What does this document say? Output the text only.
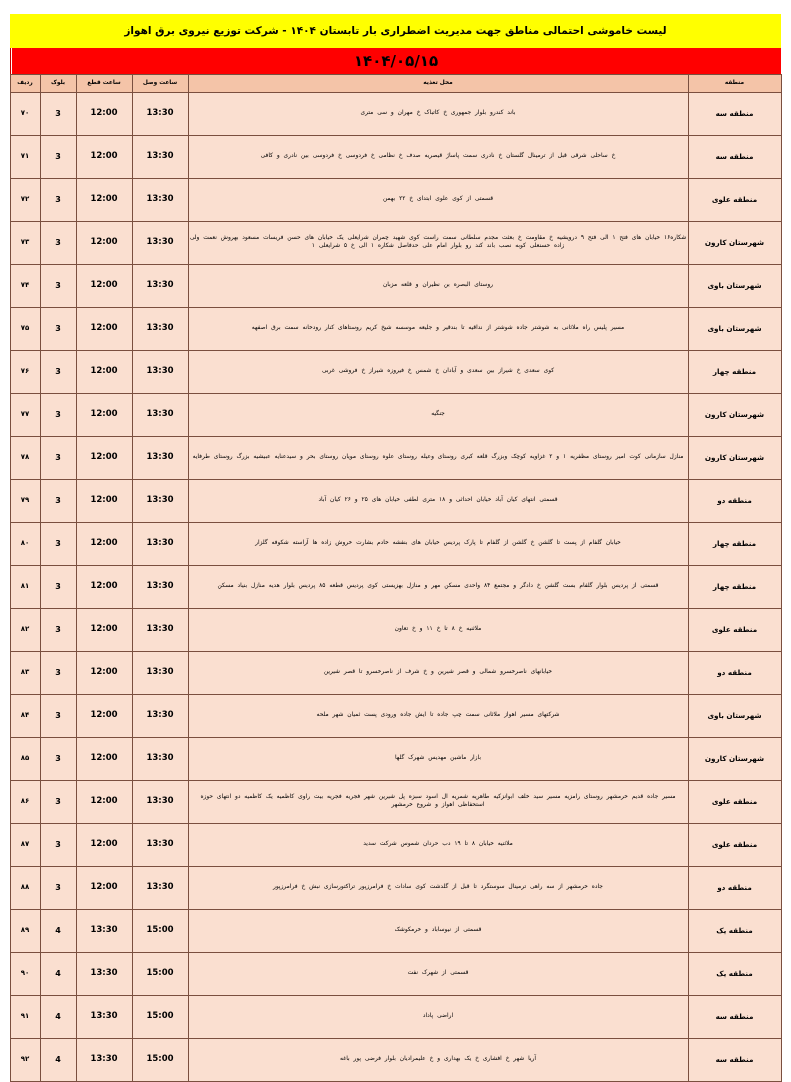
لیست خاموشی احتمالی مناطق جهت مدیریت اضطراری بار تابستان ۱۴۰۴ - شرکت توزیع نیروی برق اهواز
۱۴۰۴/۰۵/۱۵
منطقه	محل تغذیه	ساعت وصل	ساعت قطع	بلوک	ردیف
منطقه سه	باند کندرو بلوار جمهوری خ کاتباک خ مهران و سی متری	13:30	12:00	3	۷۰
منطقه سه	خ ساحلی شرقی قبل از ترمینال گلستان خ نادری سمت پاساژ قیصریه صدف خ نظامی خ فردوسی خ فردوسی بین نادری و کافی	13:30	12:00	3	۷۱
منطقه علوی	قسمتی از کوی علوی ابتدای خ ۲۲ بهمن	13:30	12:00	3	۷۲
شهرستان کارون	شکاره۱۶ خیابان های فتح ۱ الی فتح ۹ درویشیه خ مقاومت خ بعثت مجدم سلطانی سمت راست کوی شهید چمران شرایعلی یک خیابان های حسن فریسات مسعود بهروش نعمت ولی زاده حسنعلی کوبه نصب باند کند رو بلوار امام علی حدفاصل شکاره ۱ الی خ ۵ شرایعلی ۱	13:30	12:00	3	۷۳
شهرستان باوی	روستای البصره بن نظیران و قلعه مزبان	13:30	12:00	3	۷۴
شهرستان باوی	مسیر پلیس راه ملاثانی به شوشتر جاده شوشتر از نداقیه تا بندقیر و جلیعه موسسه شیخ کریم روستاهای کنار رودخانه سمت برق اصفهه	13:30	12:00	3	۷۵
منطقه چهار	کوی سعدی خ شیراز بین سعدی و آبادان خ شمس خ فیروزه شیراز خ فروشی غربی	13:30	12:00	3	۷۶
شهرستان کارون	جنگیه	13:30	12:00	3	۷۷
شهرستان کارون	منازل سازمانی کوت امیر روستای مظفریه ۱ و ۲ غزاویه کوچک وبزرگ قلعه کبری روستای وعیله روستای علوه روستای مویان روستای بحر و سیدعنایه عبیشیه بزرگ روستای طرفایه	13:30	12:00	3	۷۸
منطقه دو	قسمتی انتهای کیان آباد خیابان احداثی و ۱۸ متری لطفی خیابان های ۲۵ و ۲۶ کیان آباد	13:30	12:00	3	۷۹
منطقه چهار	خیابان گلفام از پست تا گلشن خ گلشن از گلفام تا پارک پردیس خیابان های بنفشه خادم بشارت خروش زاده ها آراسته شکوفه گلزار	13:30	12:00	3	۸۰
منطقه چهار	قسمتی از پردیس بلوار گلفام بست گلشن خ دادگر و مجتمع ۸۴ واحدی مسکن مهر و منازل بهزیستی کوی پردیس قطعه ۸۵ پردیس بلوار هدیه منازل بنیاد مسکن	13:30	12:00	3	۸۱
منطقه علوی	ملاثنیه خ ۸ تا خ ۱۱ و خ تعاون	13:30	12:00	3	۸۲
منطقه دو	خیابانهای ناصرخسرو شمالی و قصر شیرین و خ شرف از ناصرخسرو تا قصر شیرین	13:30	12:00	3	۸۳
شهرستان باوی	شرکتهای مسیر اهواز ملاثانی سمت چپ جاده تا ایش جاده ورودی پست ثمیان شهر ملحه	13:30	12:00	3	۸۴
شهرستان کارون	بازار ماشین مهدیس شهرک گلها	13:30	12:00	3	۸۵
منطقه علوی	مسیر جاده قدیم خرمشهر روستای رامزیه مسیر سید خلف ابوانزکیه طاهریه شمریه ال اسود سبزه پل شیرین شهر فجریه فجریه بیت راوی کاظمیه یک کاظمیه دو انتهای حوزه استحفاظی اهواز و شروع خرمشهر	13:30	12:00	3	۸۶
منطقه علوی	ملاثنیه خیابان ۸ تا ۱۹ دب حردان شموس شرکت سدید	13:30	12:00	3	۸۷
منطقه دو	جاده خرمشهر از سه راهی ترمینال سوستگرد تا قبل از گلدشت کوی سادات خ فرامرزپور تراکتورسازی نبش خ فرامرزپور	13:30	12:00	3	۸۸
منطقه یک	قسمتی از نیوساباد و خرمکوشک	15:00	13:30	4	۸۹
منطقه یک	قسمتی از شهرک نفت	15:00	13:30	4	۹۰
منطقه سه	اراضی پاداد	15:00	13:30	4	۹۱
منطقه سه	آریا شهر خ افشاری خ یک بهداری و خ علیمرادیان بلوار فرضی پور باغه	15:00	13:30	4	۹۲
